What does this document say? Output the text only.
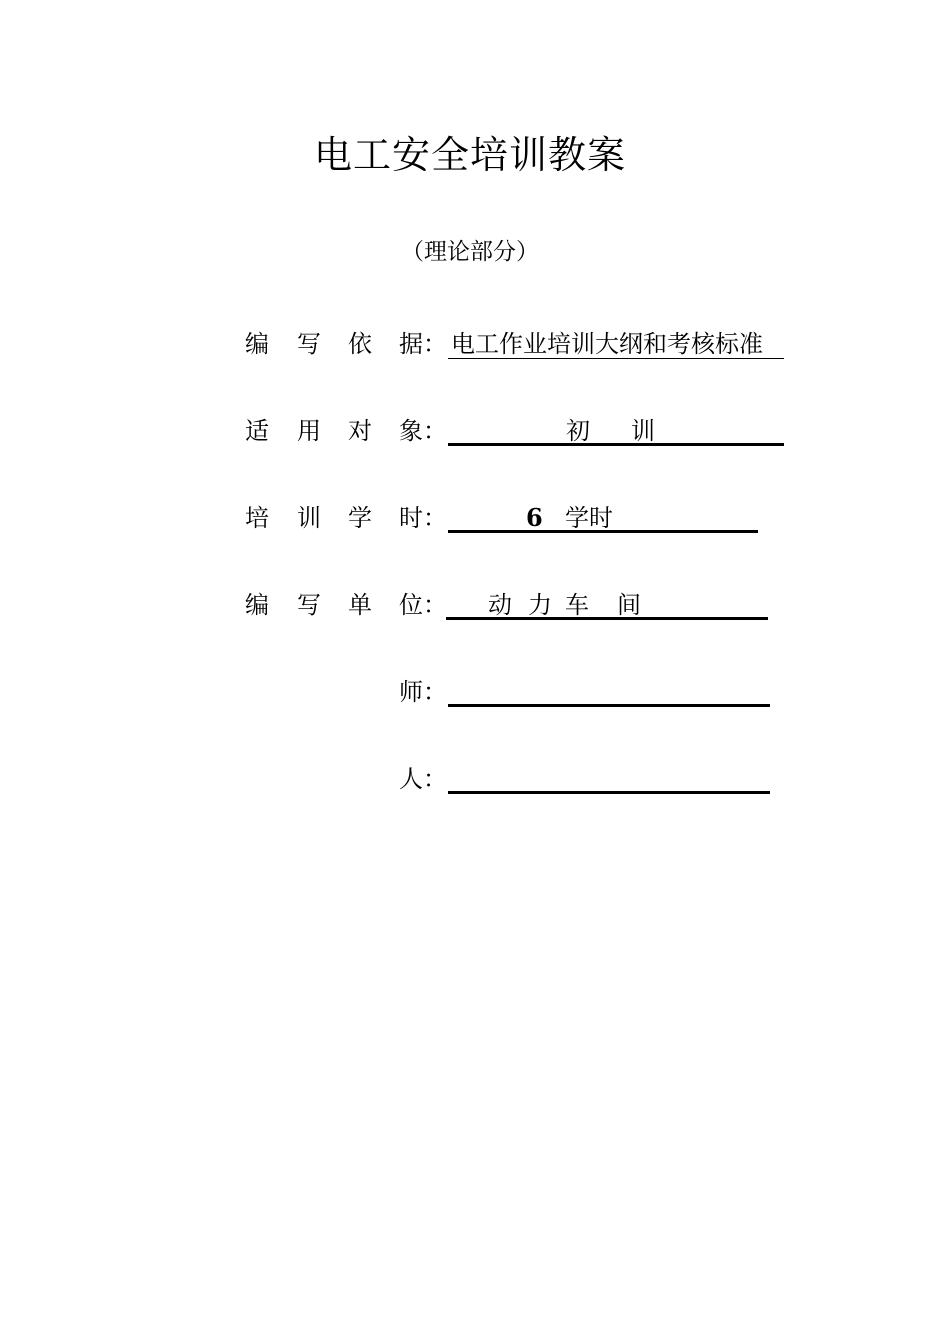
电工安全培训教案
（理论部分）
编 写 依 据 ： 电工作业培训大纲和考核标准
适 用 对 象 ：	初 训
培 训 学 时 ：	6 学时
编 写 单 位 ： 动 力 车 间
师 ：
人 ：
